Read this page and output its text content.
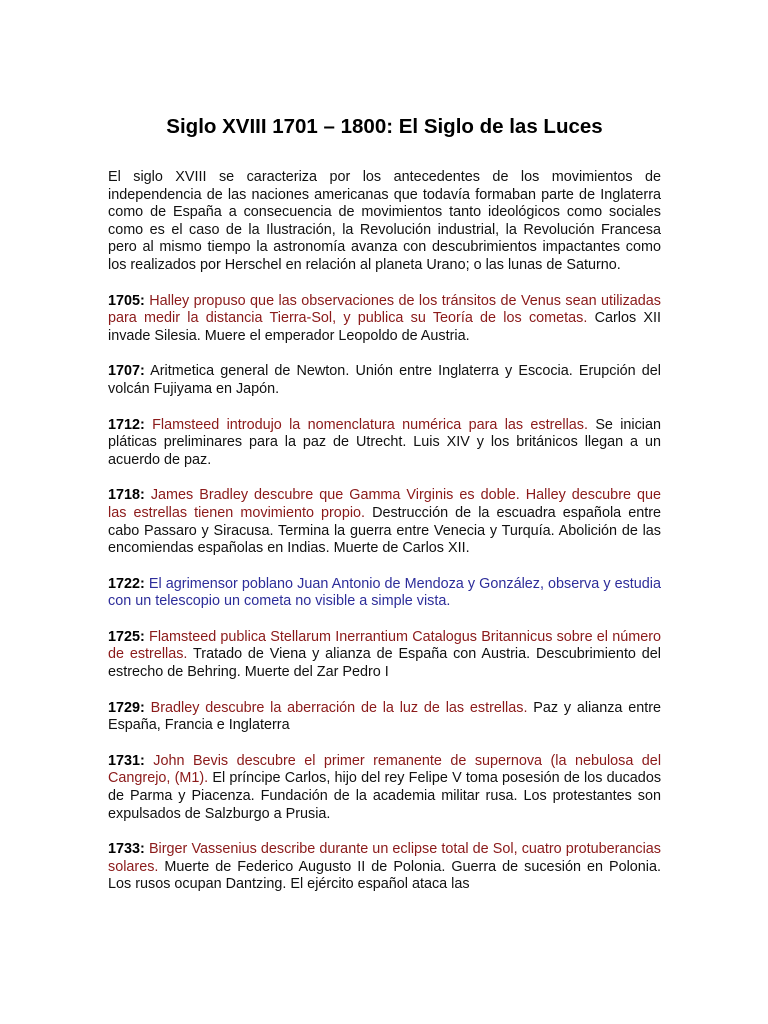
Siglo XVIII 1701 – 1800: El Siglo de las Luces

El siglo XVIII se caracteriza por los antecedentes de los movimientos de independencia de las naciones americanas que todavía formaban parte de Inglaterra como de España a consecuencia de movimientos tanto ideológicos como sociales como es el caso de la Ilustración, la Revolución industrial, la Revolución Francesa pero al mismo tiempo la astronomía avanza con descubrimientos impactantes como los realizados por Herschel en relación al planeta Urano; o las lunas de Saturno.

1705: Halley propuso que las observaciones de los tránsitos de Venus sean utilizadas para medir la distancia Tierra-Sol, y publica su Teoría de los cometas. Carlos XII invade Silesia. Muere el emperador Leopoldo de Austria.

1707: Aritmetica general de Newton. Unión entre Inglaterra y Escocia. Erupción del volcán Fujiyama en Japón.

1712: Flamsteed introdujo la nomenclatura numérica para las estrellas. Se inician pláticas preliminares para la paz de Utrecht. Luis XIV y los británicos llegan a un acuerdo de paz.

1718: James Bradley descubre que Gamma Virginis es doble. Halley descubre que las estrellas tienen movimiento propio. Destrucción de la escuadra española entre cabo Passaro y Siracusa. Termina la guerra entre Venecia y Turquía. Abolición de las encomiendas españolas en Indias. Muerte de Carlos XII.

1722: El agrimensor poblano Juan Antonio de Mendoza y González, observa y estudia con un telescopio un cometa no visible a simple vista.

1725: Flamsteed publica Stellarum Inerrantium Catalogus Britannicus sobre el número de estrellas. Tratado de Viena y alianza de España con Austria. Descubrimiento del estrecho de Behring. Muerte del Zar Pedro I

1729: Bradley descubre la aberración de la luz de las estrellas. Paz y alianza entre España, Francia e Inglaterra

1731: John Bevis descubre el primer remanente de supernova (la nebulosa del Cangrejo, (M1). El príncipe Carlos, hijo del rey Felipe V toma posesión de los ducados de Parma y Piacenza. Fundación de la academia militar rusa. Los protestantes son expulsados de Salzburgo a Prusia.

1733: Birger Vassenius describe durante un eclipse total de Sol, cuatro protuberancias solares. Muerte de Federico Augusto II de Polonia. Guerra de sucesión en Polonia. Los rusos ocupan Dantzing. El ejército español ataca las
